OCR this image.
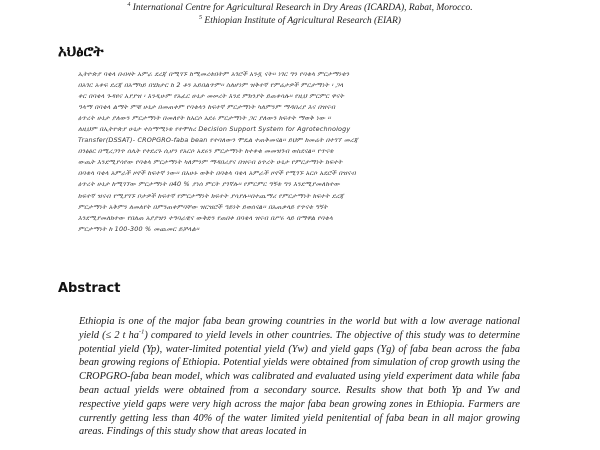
$^4$ International Centre for Agricultural Research in Dry Areas (ICARDA), Rabat, Morocco.
$^5$ Ethiopian Institute of Agricultural Research (EIAR)
አህፅሮት
ኢትዮጵያ ባቄላ በብዛት አምራ ደረጃ በሚገኙ ከሚመረቱበትም አገሮች አንዷ ናት፡፡ ነገር ግን የባቄላ ምርታማነቱን
በአገር አቀፍ ደረጃ በአማካይ በሄክታር ከ 2 ቶን አይበልጥም፡፡ ስለሆነም ዝቅተኛ የምሬታዎች ምርታማነት ፡ ጋላ
ቀር በባቄላ ጉዳዩና አያያዝ ፡ እንዲሁም የአፈር ሁኔታ መሠረት እንደ ምክንያት ይጠቀሳሉ፡፡ የዚህ ምርምር ዋናት
ዓላማ በባቄላ ልማት ምቹ ሁኔታ በመጠቀም የባቄላን ከፍተኛ ምርታማነት ካለምንም ማዳበሪያ እና በዝናብ
ዕጥረት ሁኔታ ያለውን ምርታማነት በመለየት ከአርሶ አደሩ ምርታማነት ጋር ያለውን ክፍተት ማወቅ ነው ፡፡
ለዚህም በኢትዮጵያ ሁኔታ ተስማሚነቱ የተሞከረ Decision Support System for Agrotechnology
Transfer(DSSAT)- CROPGRO-faba bean የተባለውን ሞዴል ተጠቅመናል፡፡ ይህም ከመሬት በተገኘ መረጃ
በንፅፅር በሚረጋገጥ ሰሌት የተደረጉ ሲሆን የአርሶ አደሩን ምርታማነት ከተቀቁ መመዝገብ ወስደናል፡፡ የጥናቱ
ውጤት እንደሚያሳየው የባቄላ ምርታማነት ካለምንም ማዳበሪያና በዝናብ ዕጥረት ሁኔታ የምርታማነት ክፍተት
በባቄላ ባቄላ አምራች ዞኖች ከፍተኛ ነው፡፡ በአሁኑ ወቅት በባቄላ ባቄላ አምራች ዞኖች የሚገኙ አርሶ አደሮች በዝናብ
ዕጥረት ሁኔታ ከሚገኘው ምርታማነት በ40 % ያነሰ ምርት ያገኛሉ፡፡ የምርምር ግኝቱ ግን እንደሚያመለክተው
ከፍተኛ ዝናብ የሚያገኙ ቦታዎች ከፍተኛ የምርታማነት ክፍተት ያሳያሉ፡፡በተጨማሪ የምርታማነት ክፍተት ደረጃ
ምርታማነት አቅምን ለመለየት በምንጠቀምባቸው ዝርዝሮች ዓይነት ይወሰናል፡፡ በአጠቃላይ የጥናቱ ግኝት
እንደሚያመለክተው የበለጠ አያያዝን ተግባራዊና ውቅድን የጠበቀ በባቄላ ዝናብ በሥሩ ላይ በማዋል የባቄላ
ምርታማነት ከ 100-300 % መጨመር ይቻላል፡፡
Abstract

Ethiopia is one of the major faba bean growing countries in the world but with a low average national yield (≤ 2 t $ha^{-1}$) compared to yield levels in other countries. The objective of this study was to determine potential yield (Yp), water-limited potential yield (Yw) and yield gaps (Yg) of faba bean across the faba bean growing regions of Ethiopia. Potential yields were obtained from simulation of crop growth using the CROPGRO-faba bean model, which was calibrated and evaluated using yield experiment data while faba bean actual yields were obtained from a secondary source. Results show that both Yp and Yw and respective yield gaps were very high across the major faba bean growing zones in Ethiopia. Farmers are currently getting less than 40% of the water limited yield penitential of faba bean in all major growing areas. Findings of this study show that areas located in
